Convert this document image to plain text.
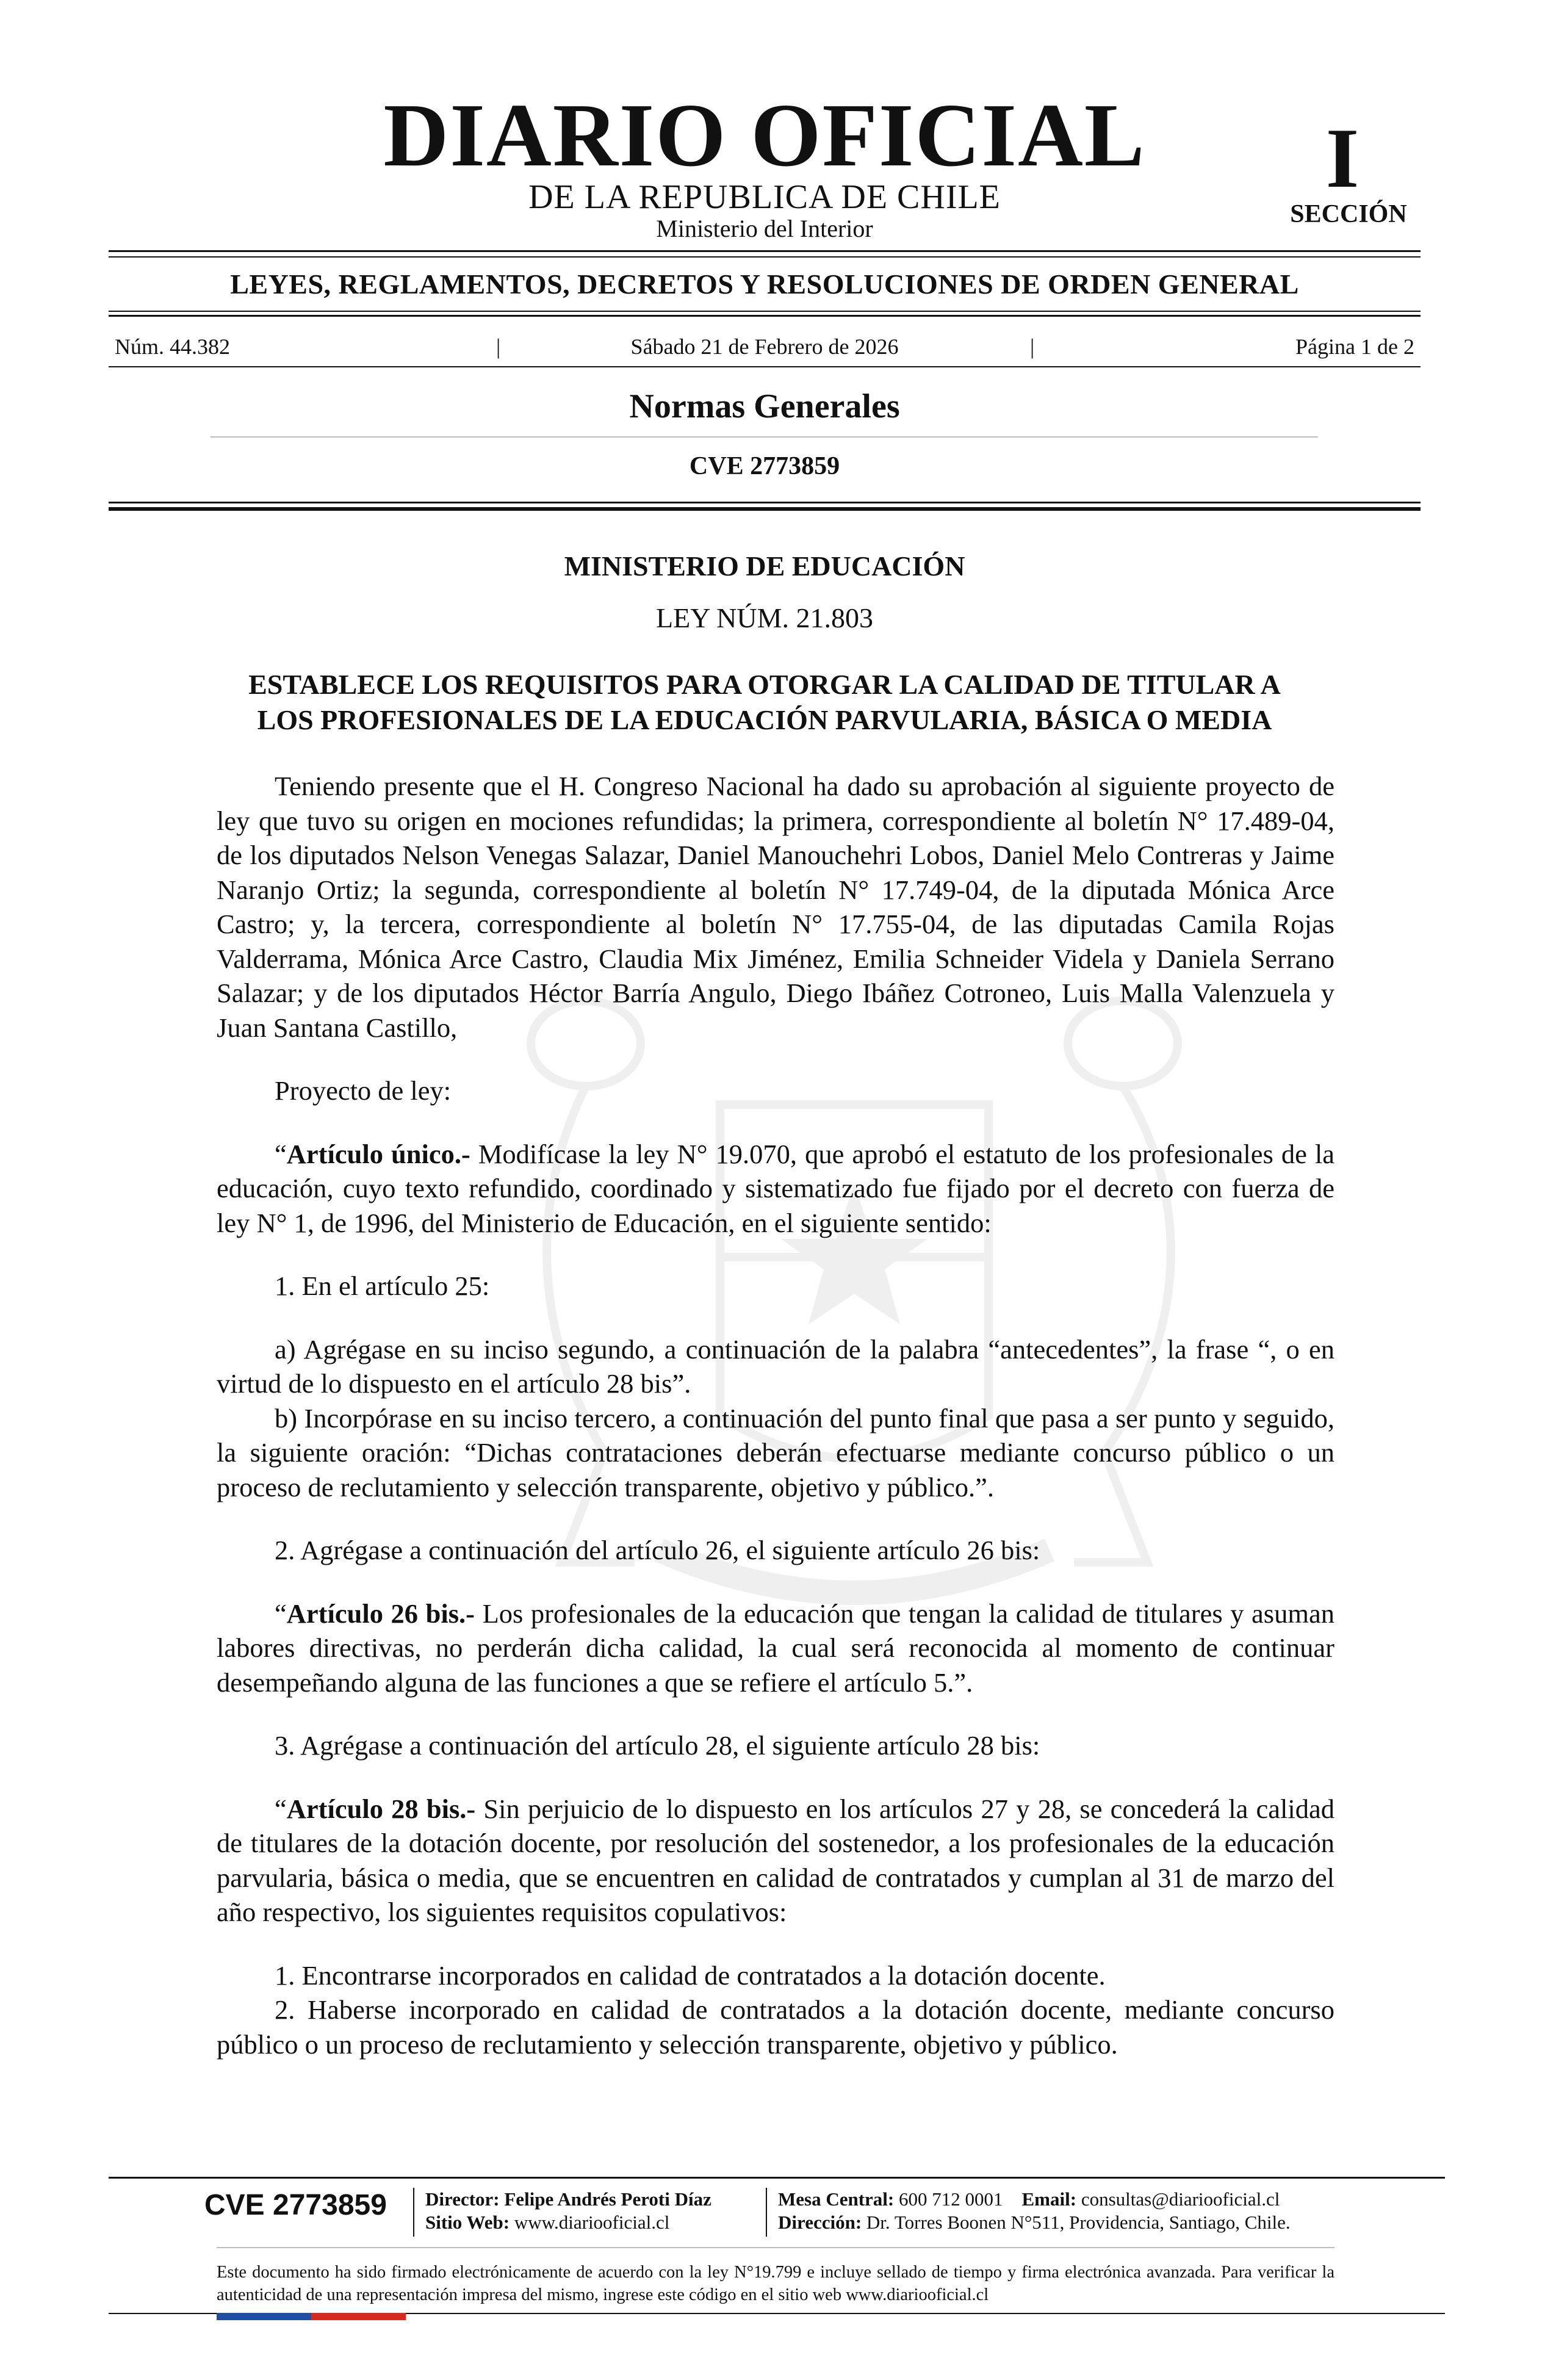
DIARIO OFICIAL
DE LA REPUBLICA DE CHILE
Ministerio del Interior
I
SECCIÓN
LEYES, REGLAMENTOS, DECRETOS Y RESOLUCIONES DE ORDEN GENERAL
Núm. 44.382	|	Sábado 21 de Febrero de 2026	|	Página 1 de 2
Normas Generales
CVE 2773859
MINISTERIO DE EDUCACIÓN
LEY NÚM. 21.803
ESTABLECE LOS REQUISITOS PARA OTORGAR LA CALIDAD DE TITULAR A
LOS PROFESIONALES DE LA EDUCACIÓN PARVULARIA, BÁSICA O MEDIA

Teniendo presente que el H. Congreso Nacional ha dado su aprobación al siguiente proyecto de ley que tuvo su origen en mociones refundidas; la primera, correspondiente al boletín N° 17.489-04, de los diputados Nelson Venegas Salazar, Daniel Manouchehri Lobos, Daniel Melo Contreras y Jaime Naranjo Ortiz; la segunda, correspondiente al boletín N° 17.749-04, de la diputada Mónica Arce Castro; y, la tercera, correspondiente al boletín N° 17.755-04, de las diputadas Camila Rojas Valderrama, Mónica Arce Castro, Claudia Mix Jiménez, Emilia Schneider Videla y Daniela Serrano Salazar; y de los diputados Héctor Barría Angulo, Diego Ibáñez Cotroneo, Luis Malla Valenzuela y Juan Santana Castillo,

Proyecto de ley:

“Artículo único.- Modifícase la ley N° 19.070, que aprobó el estatuto de los profesionales de la educación, cuyo texto refundido, coordinado y sistematizado fue fijado por el decreto con fuerza de ley N° 1, de 1996, del Ministerio de Educación, en el siguiente sentido:

1. En el artículo 25:

a) Agrégase en su inciso segundo, a continuación de la palabra “antecedentes”, la frase “, o en virtud de lo dispuesto en el artículo 28 bis”.

b) Incorpórase en su inciso tercero, a continuación del punto final que pasa a ser punto y seguido, la siguiente oración: “Dichas contrataciones deberán efectuarse mediante concurso público o un proceso de reclutamiento y selección transparente, objetivo y público.”.

2. Agrégase a continuación del artículo 26, el siguiente artículo 26 bis:

“Artículo 26 bis.- Los profesionales de la educación que tengan la calidad de titulares y asuman labores directivas, no perderán dicha calidad, la cual será reconocida al momento de continuar desempeñando alguna de las funciones a que se refiere el artículo 5.”.

3. Agrégase a continuación del artículo 28, el siguiente artículo 28 bis:

“Artículo 28 bis.- Sin perjuicio de lo dispuesto en los artículos 27 y 28, se concederá la calidad de titulares de la dotación docente, por resolución del sostenedor, a los profesionales de la educación parvularia, básica o media, que se encuentren en calidad de contratados y cumplan al 31 de marzo del año respectivo, los siguientes requisitos copulativos:

1. Encontrarse incorporados en calidad de contratados a la dotación docente.

2. Haberse incorporado en calidad de contratados a la dotación docente, mediante concurso público o un proceso de reclutamiento y selección transparente, objetivo y público.

CVE 2773859 Director: Felipe Andrés Peroti Díaz
Sitio Web: www.diariooficial.cl
Mesa Central: 600 712 0001 Email: consultas@diariooficial.cl
Dirección: Dr. Torres Boonen N°511, Providencia, Santiago, Chile.
Este documento ha sido firmado electrónicamente de acuerdo con la ley N°19.799 e incluye sellado de tiempo y firma electrónica avanzada. Para verificar la autenticidad de una representación impresa del mismo, ingrese este código en el sitio web www.diariooficial.cl
